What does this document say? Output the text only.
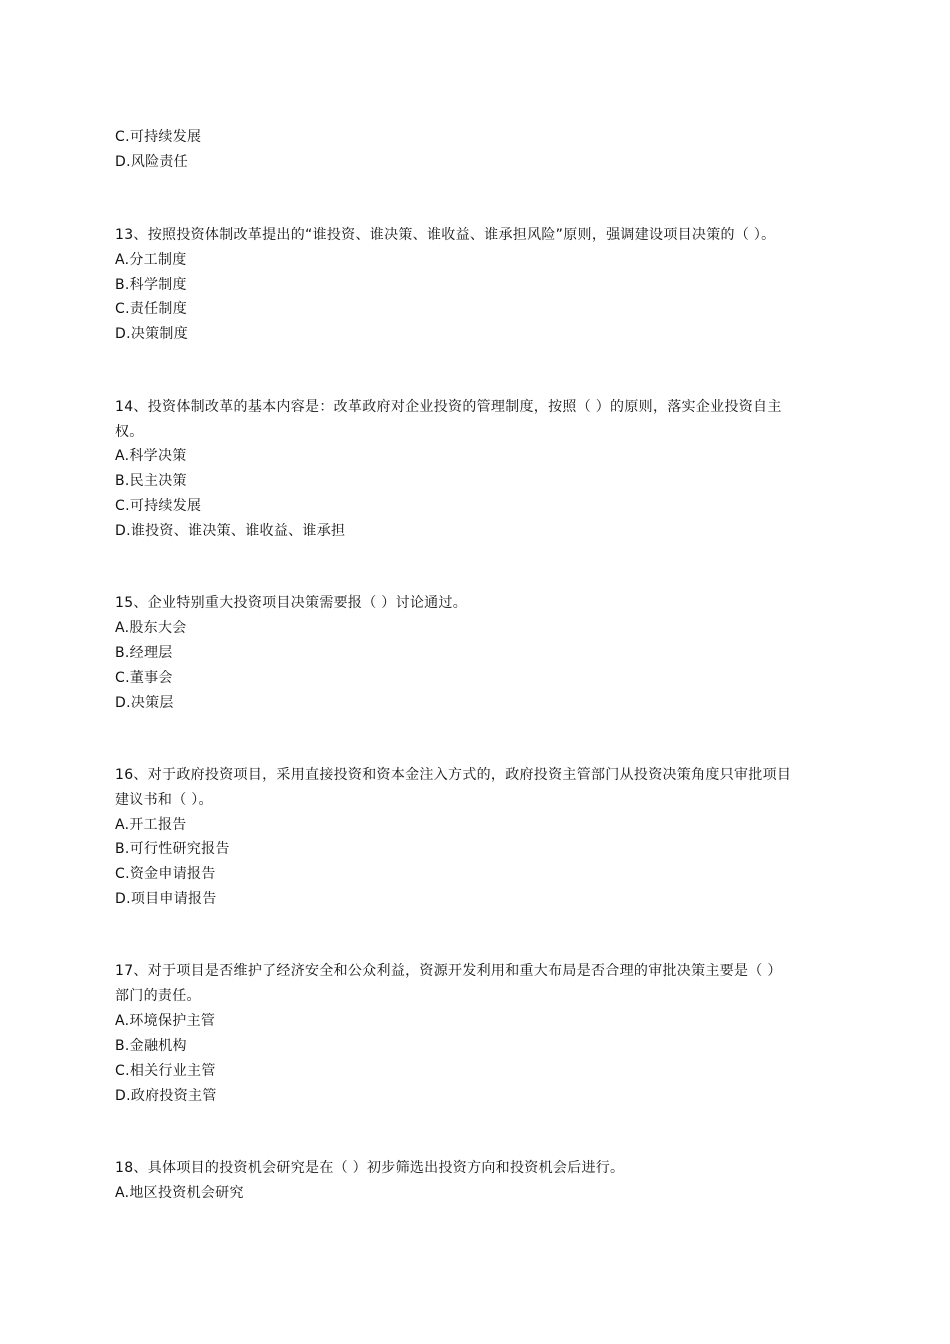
C.可持续发展
D.风险责任
13、按照投资体制改革提出的“谁投资、谁决策、谁收益、谁承担风险”原则，强调建设项目决策的（ ）。
A.分工制度
B.科学制度
C.责任制度
D.决策制度
14、投资体制改革的基本内容是：改革政府对企业投资的管理制度，按照（ ）的原则，落实企业投资自主
权。
A.科学决策
B.民主决策
C.可持续发展
D.谁投资、谁决策、谁收益、谁承担
15、企业特别重大投资项目决策需要报（ ）讨论通过。
A.股东大会
B.经理层
C.董事会
D.决策层
16、对于政府投资项目，采用直接投资和资本金注入方式的，政府投资主管部门从投资决策角度只审批项目
建议书和（ ）。
A.开工报告
B.可行性研究报告
C.资金申请报告
D.项目申请报告
17、对于项目是否维护了经济安全和公众利益，资源开发利用和重大布局是否合理的审批决策主要是（ ）
部门的责任。
A.环境保护主管
B.金融机构
C.相关行业主管
D.政府投资主管
18、具体项目的投资机会研究是在（ ）初步筛选出投资方向和投资机会后进行。
A.地区投资机会研究
